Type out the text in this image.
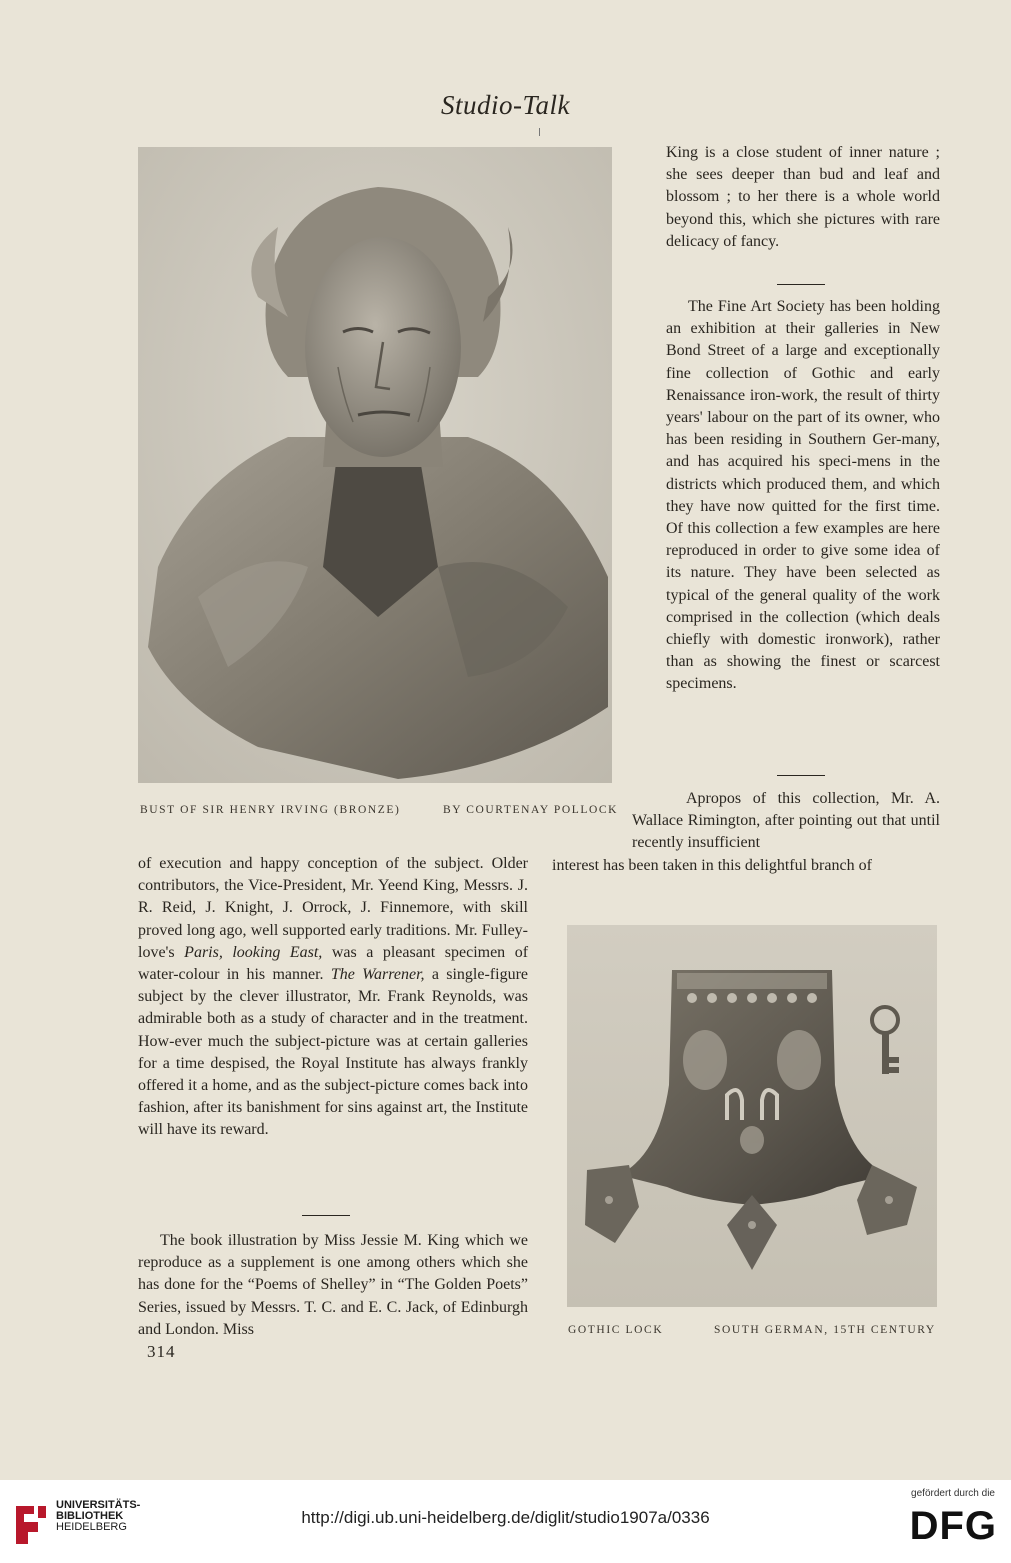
Studio-Talk
BUST OF SIR HENRY IRVING (BRONZE)	BY COURTENAY POLLOCK

King is a close student of inner nature ; she sees deeper than bud and leaf and blossom ; to her there is a whole world beyond this, which she pictures with rare delicacy of fancy.

The Fine Art Society has been holding an exhibition at their galleries in New Bond Street of a large and exceptionally fine collection of Gothic and early Renaissance iron-work, the result of thirty years' labour on the part of its owner, who has been residing in Southern Ger-many, and has acquired his speci-mens in the districts which produced them, and which they have now quitted for the first time. Of this collection a few examples are here reproduced in order to give some idea of its nature. They have been selected as typical of the general quality of the work comprised in the collection (which deals chiefly with domestic ironwork), rather than as showing the finest or scarcest specimens.

Apropos of this collection, Mr. A. Wallace Rimington, after pointing out that until recently insufficient

interest has been taken in this delightful branch of

of execution and happy conception of the subject. Older contributors, the Vice-President, Mr. Yeend King, Messrs. J. R. Reid, J. Knight, J. Orrock, J. Finnemore, with skill proved long ago, well supported early traditions. Mr. Fulley-love's Paris, looking East, was a pleasant specimen of water-colour in his manner. The Warrener, a single-figure subject by the clever illustrator, Mr. Frank Reynolds, was admirable both as a study of character and in the treatment. How-ever much the subject-picture was at certain galleries for a time despised, the Royal Institute has always frankly offered it a home, and as the subject-picture comes back into fashion, after its banishment for sins against art, the Institute will have its reward.

The book illustration by Miss Jessie M. King which we reproduce as a supplement is one among others which she has done for the “Poems of Shelley” in “The Golden Poets” Series, issued by Messrs. T. C. and E. C. Jack, of Edinburgh and London. Miss	GOTHIC LOCK	SOUTH GERMAN, 15TH CENTURY
314
UNIVERSITÄTS-
BIBLIOTHEK
HEIDELBERG	http://digi.ub.uni-heidelberg.de/diglit/studio1907a/0336
gefördert durch die
DFG
